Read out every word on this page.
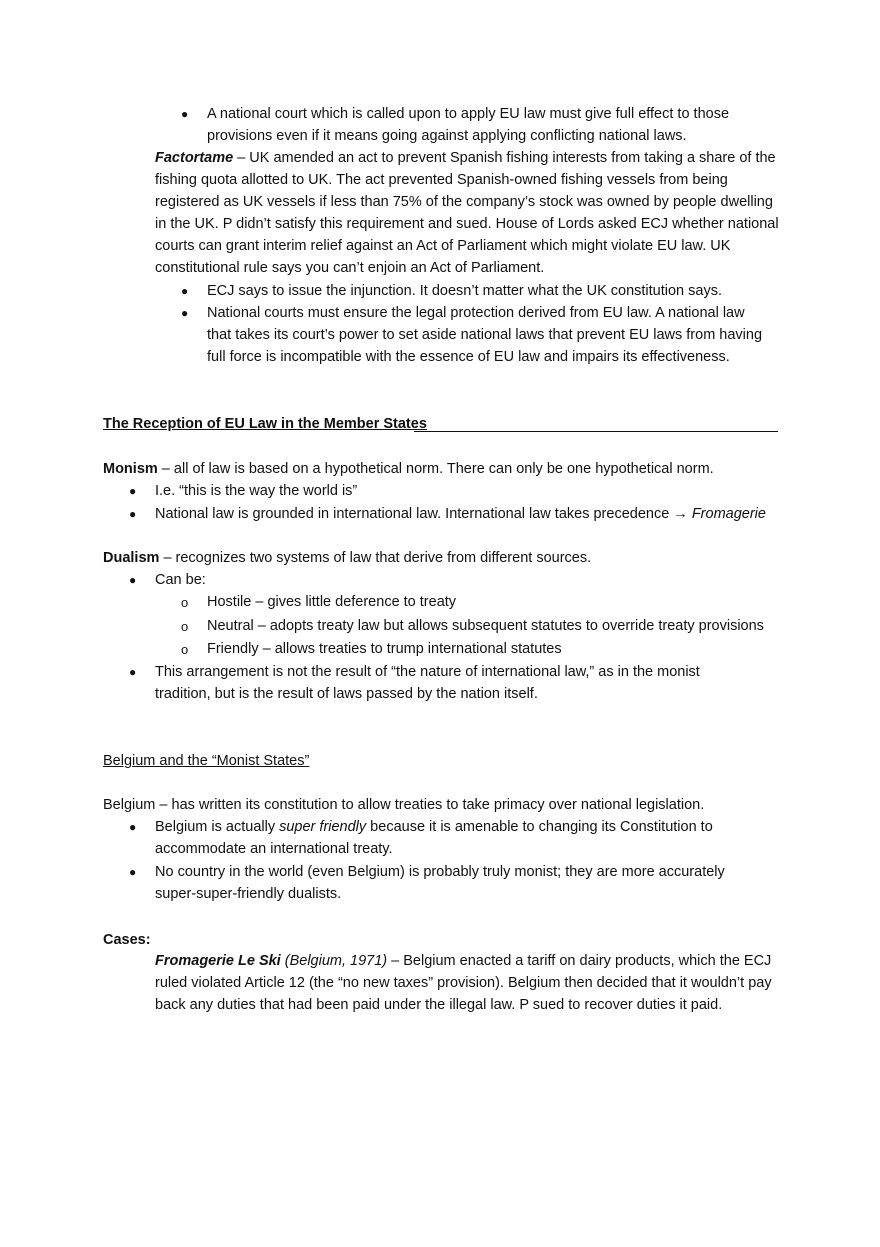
● A national court which is called upon to apply EU law must give full effect to those provisions even if it means going against applying conflicting national laws.

Factortame – UK amended an act to prevent Spanish fishing interests from taking a share of the fishing quota allotted to UK. The act prevented Spanish-owned fishing vessels from being registered as UK vessels if less than 75% of the company’s stock was owned by people dwelling in the UK. P didn’t satisfy this requirement and sued. House of Lords asked ECJ whether national courts can grant interim relief against an Act of Parliament which might violate EU law. UK constitutional rule says you can’t enjoin an Act of Parliament.

● ECJ says to issue the injunction. It doesn’t matter what the UK constitution says.

● National courts must ensure the legal protection derived from EU law. A national law that takes its court’s power to set aside national laws that prevent EU laws from having full force is incompatible with the essence of EU law and impairs its effectiveness.

The Reception of EU Law in the Member States

Monism – all of law is based on a hypothetical norm. There can only be one hypothetical norm.

● I.e. “this is the way the world is”

● National law is grounded in international law. International law takes precedence → Fromagerie

Dualism – recognizes two systems of law that derive from different sources.

● Can be:

o Hostile – gives little deference to treaty

o Neutral – adopts treaty law but allows subsequent statutes to override treaty provisions

o Friendly – allows treaties to trump international statutes

● This arrangement is not the result of “the nature of international law,” as in the monist tradition, but is the result of laws passed by the nation itself.

Belgium and the “Monist States”

Belgium – has written its constitution to allow treaties to take primacy over national legislation.

● Belgium is actually super friendly because it is amenable to changing its Constitution to accommodate an international treaty.

● No country in the world (even Belgium) is probably truly monist; they are more accurately super-super-friendly dualists.

Cases:

Fromagerie Le Ski (Belgium, 1971) – Belgium enacted a tariff on dairy products, which the ECJ ruled violated Article 12 (the “no new taxes” provision). Belgium then decided that it wouldn’t pay back any duties that had been paid under the illegal law. P sued to recover duties it paid.
